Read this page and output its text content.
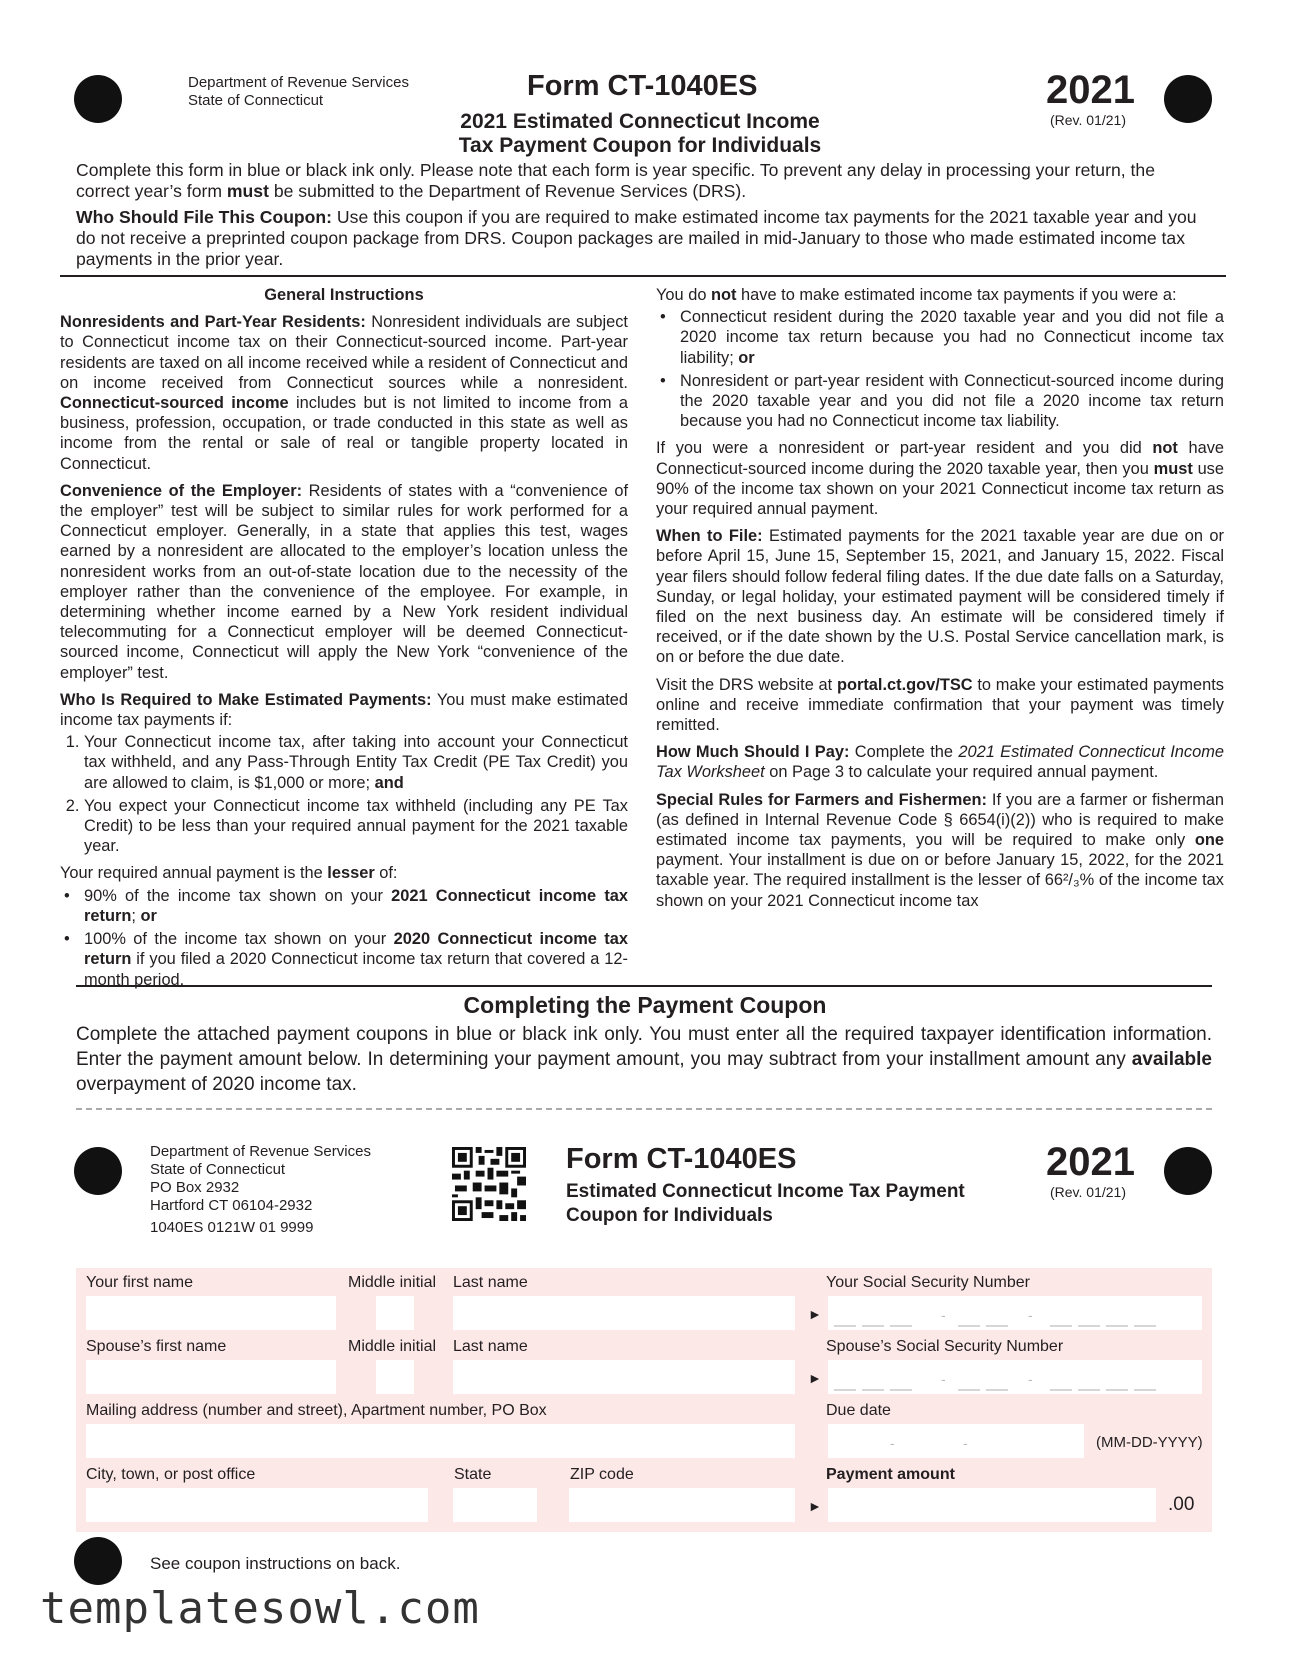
Department of Revenue Services
State of Connecticut	Form CT-1040ES	2021
(Rev. 01/21)
2021 Estimated Connecticut Income
Tax Payment Coupon for Individuals
Complete this form in blue or black ink only. Please note that each form is year specific. To prevent any delay in processing your return, the correct year’s form must be submitted to the Department of Revenue Services (DRS).
Who Should File This Coupon: Use this coupon if you are required to make estimated income tax payments for the 2021 taxable year and you do not receive a preprinted coupon package from DRS. Coupon packages are mailed in mid-January to those who made estimated income tax payments in the prior year.

General Instructions

Nonresidents and Part-Year Residents: Nonresident individuals are subject to Connecticut income tax on their Connecticut-sourced income. Part-year residents are taxed on all income received while a resident of Connecticut and on income received from Connecticut sources while a nonresident. Connecticut-sourced income includes but is not limited to income from a business, profession, occupation, or trade conducted in this state as well as income from the rental or sale of real or tangible property located in Connecticut.

Convenience of the Employer: Residents of states with a “convenience of the employer” test will be subject to similar rules for work performed for a Connecticut employer. Generally, in a state that applies this test, wages earned by a nonresident are allocated to the employer’s location unless the nonresident works from an out-of-state location due to the necessity of the employer rather than the convenience of the employee. For example, in determining whether income earned by a New York resident individual telecommuting for a Connecticut employer will be deemed Connecticut-sourced income, Connecticut will apply the New York “convenience of the employer” test.

Who Is Required to Make Estimated Payments: You must make estimated income tax payments if:

1. Your Connecticut income tax, after taking into account your Connecticut tax withheld, and any Pass-Through Entity Tax Credit (PE Tax Credit) you are allowed to claim, is $1,000 or more; and
2. You expect your Connecticut income tax withheld (including any PE Tax Credit) to be less than your required annual payment for the 2021 taxable year.

Your required annual payment is the lesser of:

• 90% of the income tax shown on your 2021 Connecticut income tax return; or
• 100% of the income tax shown on your 2020 Connecticut income tax return if you filed a 2020 Connecticut income tax return that covered a 12-month period.

You do not have to make estimated income tax payments if you were a:

• Connecticut resident during the 2020 taxable year and you did not file a 2020 income tax return because you had no Connecticut income tax liability; or
• Nonresident or part-year resident with Connecticut-sourced income during the 2020 taxable year and you did not file a 2020 income tax return because you had no Connecticut income tax liability.

If you were a nonresident or part-year resident and you did not have Connecticut-sourced income during the 2020 taxable year, then you must use 90% of the income tax shown on your 2021 Connecticut income tax return as your required annual payment.

When to File: Estimated payments for the 2021 taxable year are due on or before April 15, June 15, September 15, 2021, and January 15, 2022. Fiscal year filers should follow federal filing dates. If the due date falls on a Saturday, Sunday, or legal holiday, your estimated payment will be considered timely if filed on the next business day. An estimate will be considered timely if received, or if the date shown by the U.S. Postal Service cancellation mark, is on or before the due date.

Visit the DRS website at portal.ct.gov/TSC to make your estimated payments online and receive immediate confirmation that your payment was timely remitted.

How Much Should I Pay: Complete the 2021 Estimated Connecticut Income Tax Worksheet on Page 3 to calculate your required annual payment.

Special Rules for Farmers and Fishermen: If you are a farmer or fisherman (as defined in Internal Revenue Code § 6654(i)(2)) who is required to make estimated income tax payments, you will be required to make only one payment. Your installment is due on or before January 15, 2022, for the 2021 taxable year. The required installment is the lesser of 66²/₃% of the income tax shown on your 2021 Connecticut income tax

Completing the Payment Coupon
Complete the attached payment coupons in blue or black ink only. You must enter all the required taxpayer identification information. Enter the payment amount below. In determining your payment amount, you may subtract from your installment amount any available overpayment of 2020 income tax.
Department of Revenue Services
State of Connecticut
PO Box 2932
Hartford CT 06104-2932
1040ES 0121W 01 9999
Form CT-1040ES
Estimated Connecticut Income Tax Payment
Coupon for Individuals
2021
(Rev. 01/21)
Your first name	Middle initial Last name	Your Social Security Number
►	-	-
Spouse’s first name	Middle initial Last name	Spouse’s Social Security Number
►	-	-
Mailing address (number and street), Apartment number, PO Box	Due date
-	-	(MM-DD-YYYY)
City, town, or post office	State	ZIP code	Payment amount
►	.00
See coupon instructions on back.
templatesowl.com
